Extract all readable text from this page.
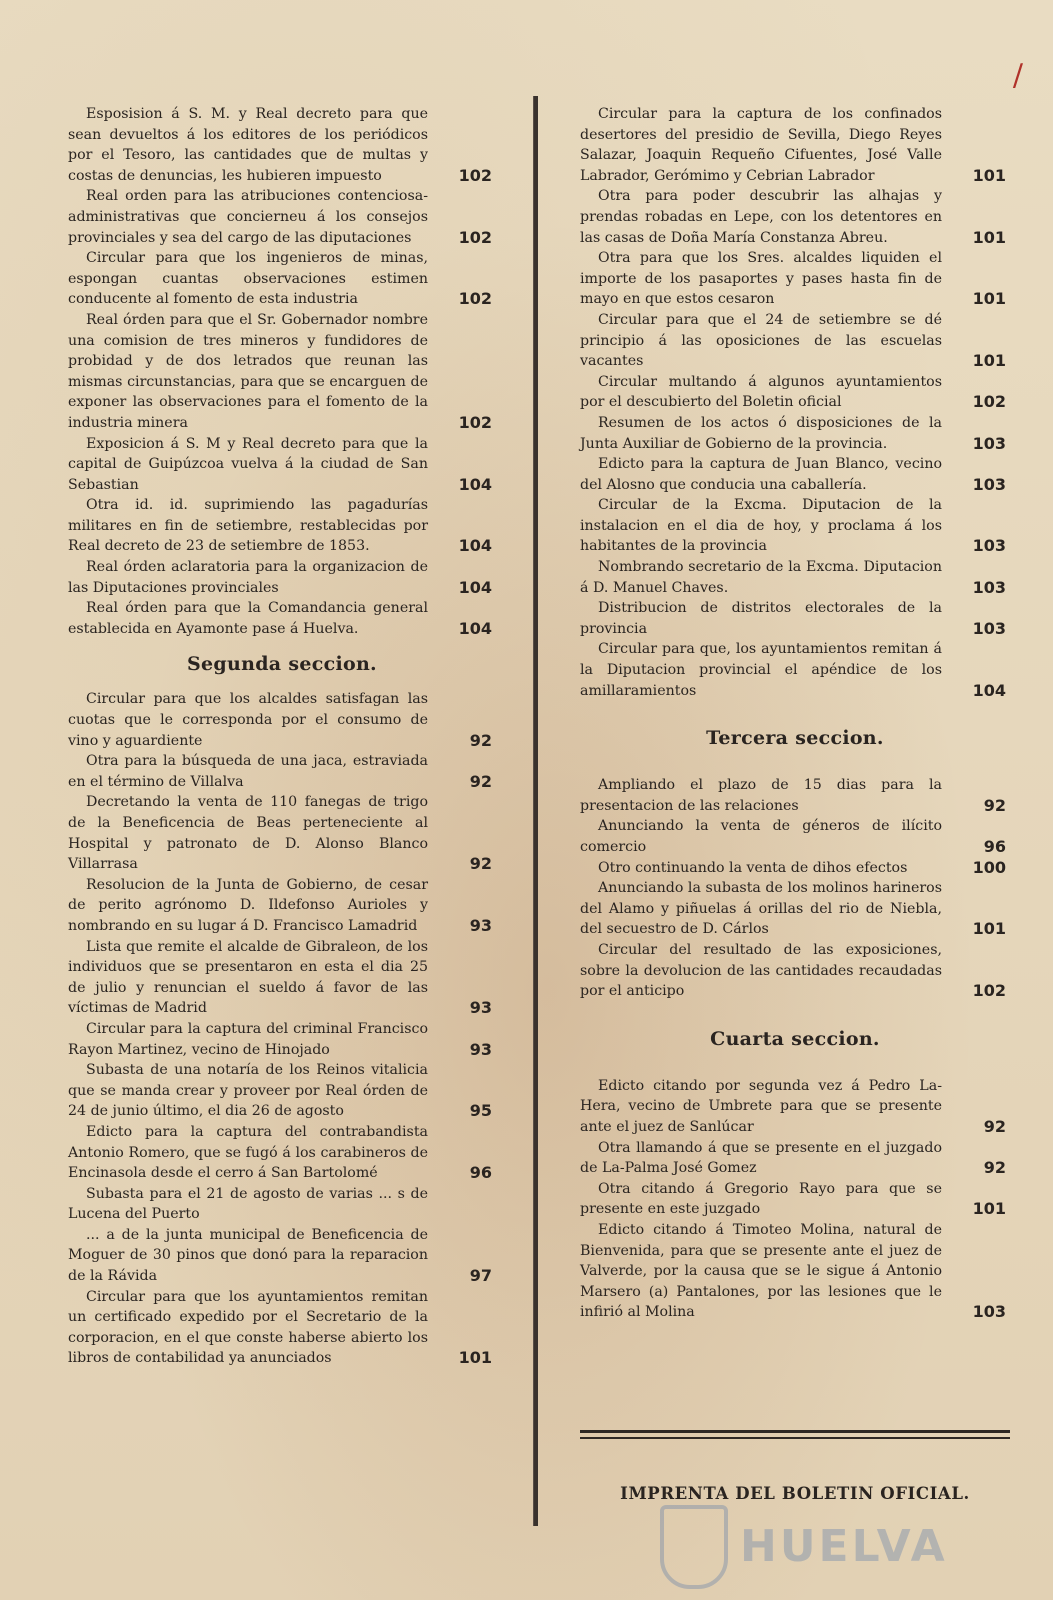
/

Esposision á S. M. y Real decreto para que sean devueltos á los editores de los periódicos por el Tesoro, las cantidades que de multas y costas de denuncias, les hubieren impuesto	102

Real orden para las atribuciones contenciosa-administrativas que concierneu á los consejos provinciales y sea del cargo de las diputaciones	102

Circular para que los ingenieros de minas, espongan cuantas observaciones estimen conducente al fomento de esta industria	102

Real órden para que el Sr. Gobernador nombre una comision de tres mineros y fundidores de probidad y de dos letrados que reunan las mismas circunstancias, para que se encarguen de exponer las observaciones para el fomento de la industria minera	102

Exposicion á S. M y Real decreto para que la capital de Guipúzcoa vuelva á la ciudad de San Sebastian	104

Otra id. id. suprimiendo las pagadurías militares en fin de setiembre, restablecidas por Real decreto de 23 de setiembre de 1853.	104

Real órden aclaratoria para la organizacion de las Diputaciones provinciales	104

Real órden para que la Comandancia general establecida en Ayamonte pase á Huelva.	104

Segunda seccion.

Circular para que los alcaldes satisfagan las cuotas que le corresponda por el consumo de vino y aguardiente	92

Otra para la búsqueda de una jaca, estraviada en el término de Villalva	92

Decretando la venta de 110 fanegas de trigo de la Beneficencia de Beas perteneciente al Hospital y patronato de D. Alonso Blanco Villarrasa	92

Resolucion de la Junta de Gobierno, de cesar de perito agrónomo D. Ildefonso Aurioles y nombrando en su lugar á D. Francisco Lamadrid	93

Lista que remite el alcalde de Gibraleon, de los individuos que se presentaron en esta el dia 25 de julio y renuncian el sueldo á favor de las víctimas de Madrid	93

Circular para la captura del criminal Francisco Rayon Martinez, vecino de Hinojado	93

Subasta de una notaría de los Reinos vitalicia que se manda crear y proveer por Real órden de 24 de junio último, el dia 26 de agosto	95

Edicto para la captura del contrabandista Antonio Romero, que se fugó á los carabineros de Encinasola desde el cerro á San Bartolomé	96

Subasta para el 21 de agosto de varias ... s de Lucena del Puerto

... a de la junta municipal de Beneficencia de Moguer de 30 pinos que donó para la reparacion de la Rávida	97

Circular para que los ayuntamientos remitan un certificado expedido por el Secretario de la corporacion, en el que conste haberse abierto los libros de contabilidad ya anunciados	101

Circular para la captura de los confinados desertores del presidio de Sevilla, Diego Reyes Salazar, Joaquin Requeño Cifuentes, José Valle Labrador, Gerómimo y Cebrian Labrador	101

Otra para poder descubrir las alhajas y prendas robadas en Lepe, con los detentores en las casas de Doña María Constanza Abreu.	101

Otra para que los Sres. alcaldes liquiden el importe de los pasaportes y pases hasta fin de mayo en que estos cesaron	101

Circular para que el 24 de setiembre se dé principio á las oposiciones de las escuelas vacantes	101

Circular multando á algunos ayuntamientos por el descubierto del Boletin oficial	102

Resumen de los actos ó disposiciones de la Junta Auxiliar de Gobierno de la provincia.	103

Edicto para la captura de Juan Blanco, vecino del Alosno que conducia una caballería.	103

Circular de la Excma. Diputacion de la instalacion en el dia de hoy, y proclama á los habitantes de la provincia	103

Nombrando secretario de la Excma. Diputacion á D. Manuel Chaves.	103

Distribucion de distritos electorales de la provincia	103

Circular para que, los ayuntamientos remitan á la Diputacion provincial el apéndice de los amillaramientos	104

Tercera seccion.

Ampliando el plazo de 15 dias para la presentacion de las relaciones	92

Anunciando la venta de géneros de ilícito comercio	96

Otro continuando la venta de dihos efectos	100

Anunciando la subasta de los molinos harineros del Alamo y piñuelas á orillas del rio de Niebla, del secuestro de D. Cárlos	101

Circular del resultado de las exposiciones, sobre la devolucion de las cantidades recaudadas por el anticipo	102

Cuarta seccion.

Edicto citando por segunda vez á Pedro La-Hera, vecino de Umbrete para que se presente ante el juez de Sanlúcar	92

Otra llamando á que se presente en el juzgado de La-Palma José Gomez	92

Otra citando á Gregorio Rayo para que se presente en este juzgado	101

Edicto citando á Timoteo Molina, natural de Bienvenida, para que se presente ante el juez de Valverde, por la causa que se le sigue á Antonio Marsero (a) Pantalones, por las lesiones que le infirió al Molina	103

IMPRENTA DEL BOLETIN OFICIAL.
HUELVA
